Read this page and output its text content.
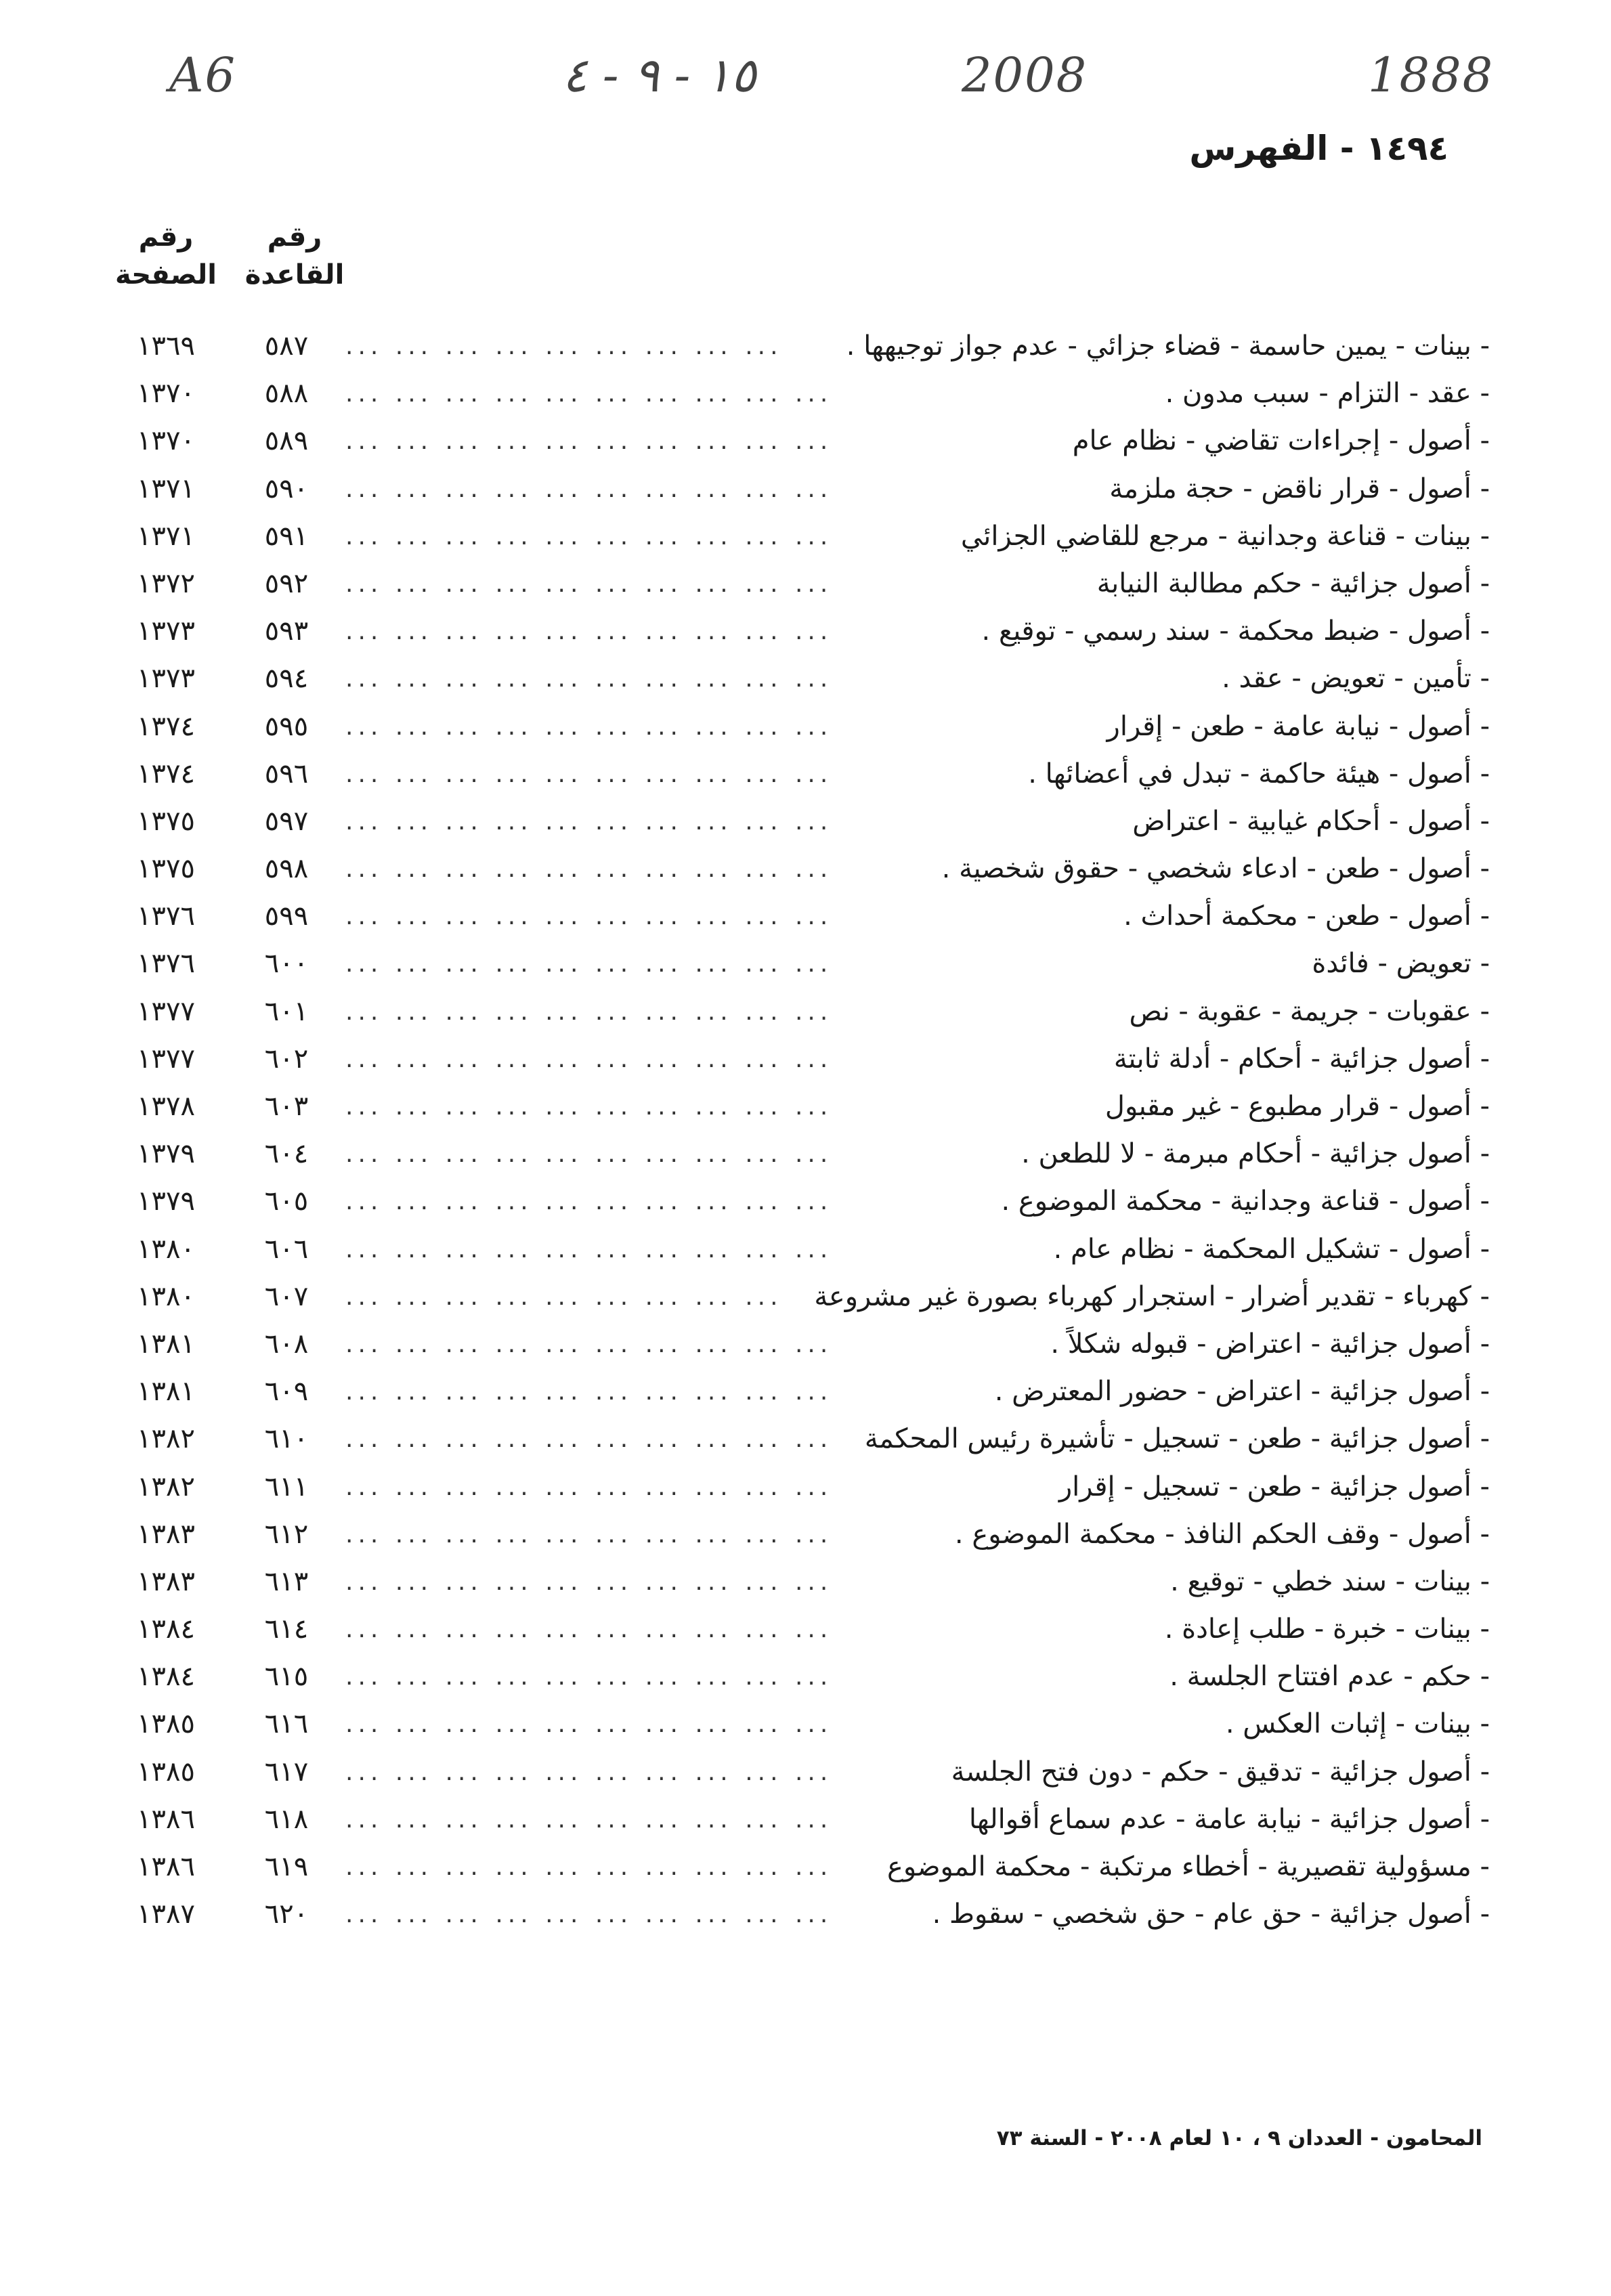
A6	١٥ - ٩ - ٤	2008	1888
١٤٩٤ - الفهرس
رقم القاعدة
رقم الصفحة
١٣٦٩	٥٨٧	... ... ... ... ... ... ... ... ... - بينات - يمين حاسمة - قضاء جزائي - عدم جواز توجيهها .
١٣٧٠	٥٨٨	... ... ... ... ... ... ... ... ... ...	- عقد - التزام - سبب مدون .
١٣٧٠	٥٨٩	... ... ... ... ... ... ... ... ... ...	- أصول - إجراءات تقاضي - نظام عام
١٣٧١	٥٩٠	... ... ... ... ... ... ... ... ... ...	- أصول - قرار ناقض - حجة ملزمة
١٣٧١	٥٩١	... ... ... ... ... ... ... ... ... ...	- بينات - قناعة وجدانية - مرجع للقاضي الجزائي
١٣٧٢	٥٩٢	... ... ... ... ... ... ... ... ... ...	- أصول جزائية - حكم مطالبة النيابة
١٣٧٣	٥٩٣	... ... ... ... ... ... ... ... ... ...	- أصول - ضبط محكمة - سند رسمي - توقيع .
١٣٧٣	٥٩٤	... ... ... ... ... ... ... ... ... ...	- تأمين - تعويض - عقد .
١٣٧٤	٥٩٥	... ... ... ... ... ... ... ... ... ...	- أصول - نيابة عامة - طعن - إقرار
١٣٧٤	٥٩٦	... ... ... ... ... ... ... ... ... ...	- أصول - هيئة حاكمة - تبدل في أعضائها .
١٣٧٥	٥٩٧	... ... ... ... ... ... ... ... ... ...	- أصول - أحكام غيابية - اعتراض
١٣٧٥	٥٩٨	... ... ... ... ... ... ... ... ... ...	- أصول - طعن - ادعاء شخصي - حقوق شخصية .
١٣٧٦	٥٩٩	... ... ... ... ... ... ... ... ... ...	- أصول - طعن - محكمة أحداث .
١٣٧٦	٦٠٠	... ... ... ... ... ... ... ... ... ...	- تعويض - فائدة
١٣٧٧	٦٠١	... ... ... ... ... ... ... ... ... ...	- عقوبات - جريمة - عقوبة - نص
١٣٧٧	٦٠٢	... ... ... ... ... ... ... ... ... ...	- أصول جزائية - أحكام - أدلة ثابتة
١٣٧٨	٦٠٣	... ... ... ... ... ... ... ... ... ...	- أصول - قرار مطبوع - غير مقبول
١٣٧٩	٦٠٤	... ... ... ... ... ... ... ... ... ...	- أصول جزائية - أحكام مبرمة - لا للطعن .
١٣٧٩	٦٠٥	... ... ... ... ... ... ... ... ... ...	- أصول - قناعة وجدانية - محكمة الموضوع .
١٣٨٠	٦٠٦	... ... ... ... ... ... ... ... ... ...	- أصول - تشكيل المحكمة - نظام عام .
١٣٨٠	٦٠٧	... ... ... ... ... ... ... ... ... - كهرباء - تقدير أضرار - استجرار كهرباء بصورة غير مشروعة
١٣٨١	٦٠٨	... ... ... ... ... ... ... ... ... ...	- أصول جزائية - اعتراض - قبوله شكلاً .
١٣٨١	٦٠٩	... ... ... ... ... ... ... ... ... ...	- أصول جزائية - اعتراض - حضور المعترض .
١٣٨٢	٦١٠	... ... ... ... ... ... ... ... ... ... - أصول جزائية - طعن - تسجيل - تأشيرة رئيس المحكمة
١٣٨٢	٦١١	... ... ... ... ... ... ... ... ... ...	- أصول جزائية - طعن - تسجيل - إقرار
١٣٨٣	٦١٢	... ... ... ... ... ... ... ... ... ...	- أصول - وقف الحكم النافذ - محكمة الموضوع .
١٣٨٣	٦١٣	... ... ... ... ... ... ... ... ... ...	- بينات - سند خطي - توقيع .
١٣٨٤	٦١٤	... ... ... ... ... ... ... ... ... ...	- بينات - خبرة - طلب إعادة .
١٣٨٤	٦١٥	... ... ... ... ... ... ... ... ... ...	- حكم - عدم افتتاح الجلسة .
١٣٨٥	٦١٦	... ... ... ... ... ... ... ... ... ...	- بينات - إثبات العكس .
١٣٨٥	٦١٧	... ... ... ... ... ... ... ... ... ...	- أصول جزائية - تدقيق - حكم - دون فتح الجلسة
١٣٨٦	٦١٨	... ... ... ... ... ... ... ... ... ...	- أصول جزائية - نيابة عامة - عدم سماع أقوالها
١٣٨٦	٦١٩	... ... ... ... ... ... ... ... ... ... - مسؤولية تقصيرية - أخطاء مرتكبة - محكمة الموضوع
١٣٨٧	٦٢٠	... ... ... ... ... ... ... ... ... ...	- أصول جزائية - حق عام - حق شخصي - سقوط .
المحامون - العددان ٩ ، ١٠ لعام ٢٠٠٨ - السنة ٧٣
